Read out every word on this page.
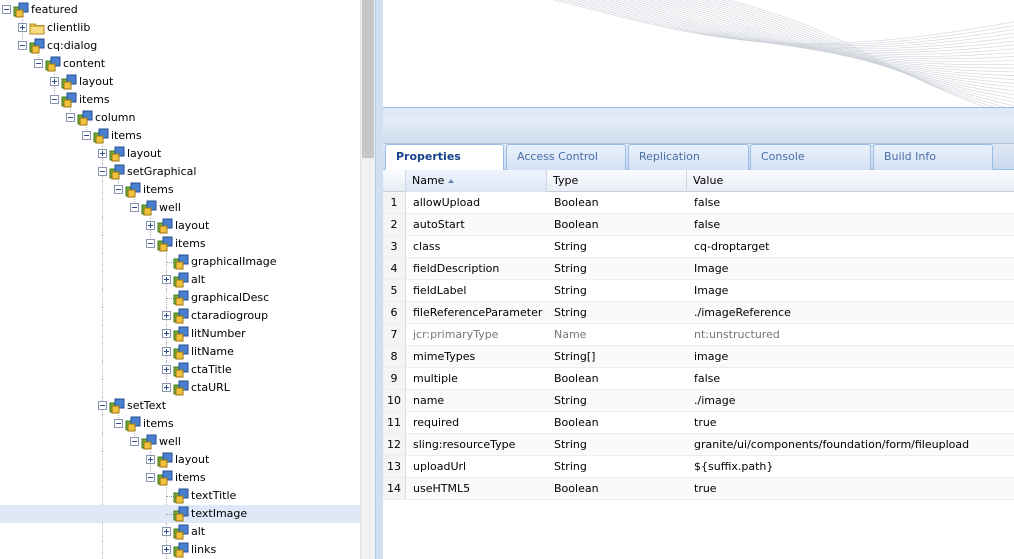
featured
clientlib
cq:dialog
content
layout
items
column
items
layout
setGraphical
items
well
layout
items
graphicalImage
alt
graphicalDesc
ctaradiogroup
litNumber
litName
ctaTitle
ctaURL
setText
items
well
layout
items
textTitle
textImage
alt
links
Properties	Access Control	Replication	Console	Build Info
Name	Type	Value
1	allowUpload	Boolean	false
2	autoStart	Boolean	false
3	class	String	cq-droptarget
4	fieldDescription	String	Image
5	fieldLabel	String	Image
6	fileReferenceParameter	String	./imageReference
7	jcr:primaryType	Name	nt:unstructured
8	mimeTypes	String[]	image
9	multiple	Boolean	false
10	name	String	./image
11	required	Boolean	true
12	sling:resourceType	String	granite/ui/components/foundation/form/fileupload
13	uploadUrl	String	${suffix.path}
14	useHTML5	Boolean	true
